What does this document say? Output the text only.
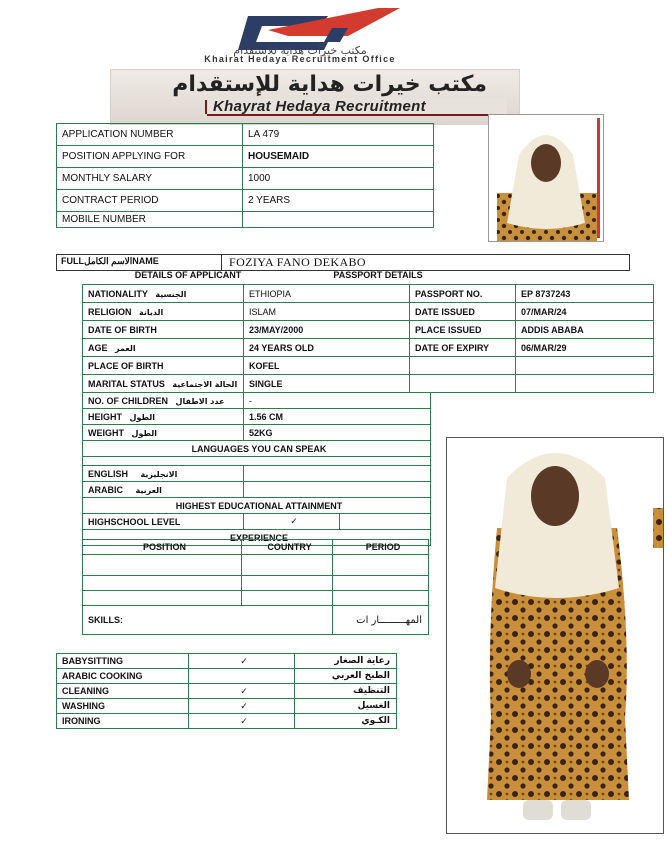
مكتب خيرات هداية للاستقدام
Khairat Hedaya Recruitment Office
مكتب خيرات هداية للإستقدام
Khayrat Hedaya Recruitment
APPLICATION NUMBER	LA 479
POSITION APPLYING FOR	HOUSEMAID
MONTHLY SALARY	1000
CONTRACT PERIOD	2 YEARS
MOBILE NUMBER	
FULLالاسم الكاملNAME	FOZIYA FANO DEKABO
DETAILS OF APPLICANT	PASSPORT DETAILS
NATIONALITY الجنسية	ETHIOPIA	PASSPORT NO.	EP 8737243
RELIGION الديانة	ISLAM	DATE ISSUED	07/MAR/24
DATE OF BIRTH	23/MAY/2000	PLACE ISSUED	ADDIS ABABA
AGE العمر	24 YEARS OLD	DATE OF EXPIRY	06/MAR/29
PLACE OF BIRTH	KOFEL		
MARITAL STATUS الحالة الاجتماعية	SINGLE		
NO. OF CHILDREN عدد الاطفال	-	
HEIGHT الطول	1.56 CM	
WEIGHT الطول	52KG	
LANGUAGES YOU CAN SPEAK		

ENGLISH الانجليزية		
ARABIC العربية		
HIGHEST EDUCATIONAL ATTAINMENT		
HIGHSCHOOL LEVEL	✓	
EXPERIENCE		
POSITION	COUNTRY	PERIOD

SKILLS:		المهـــــــــار ات
BABYSITTING	✓	رعاية الصغار
ARABIC COOKING		الطبخ العربي
CLEANING	✓	التنظيف
WASHING	✓	الغسيل
IRONING	✓	الكـوي
